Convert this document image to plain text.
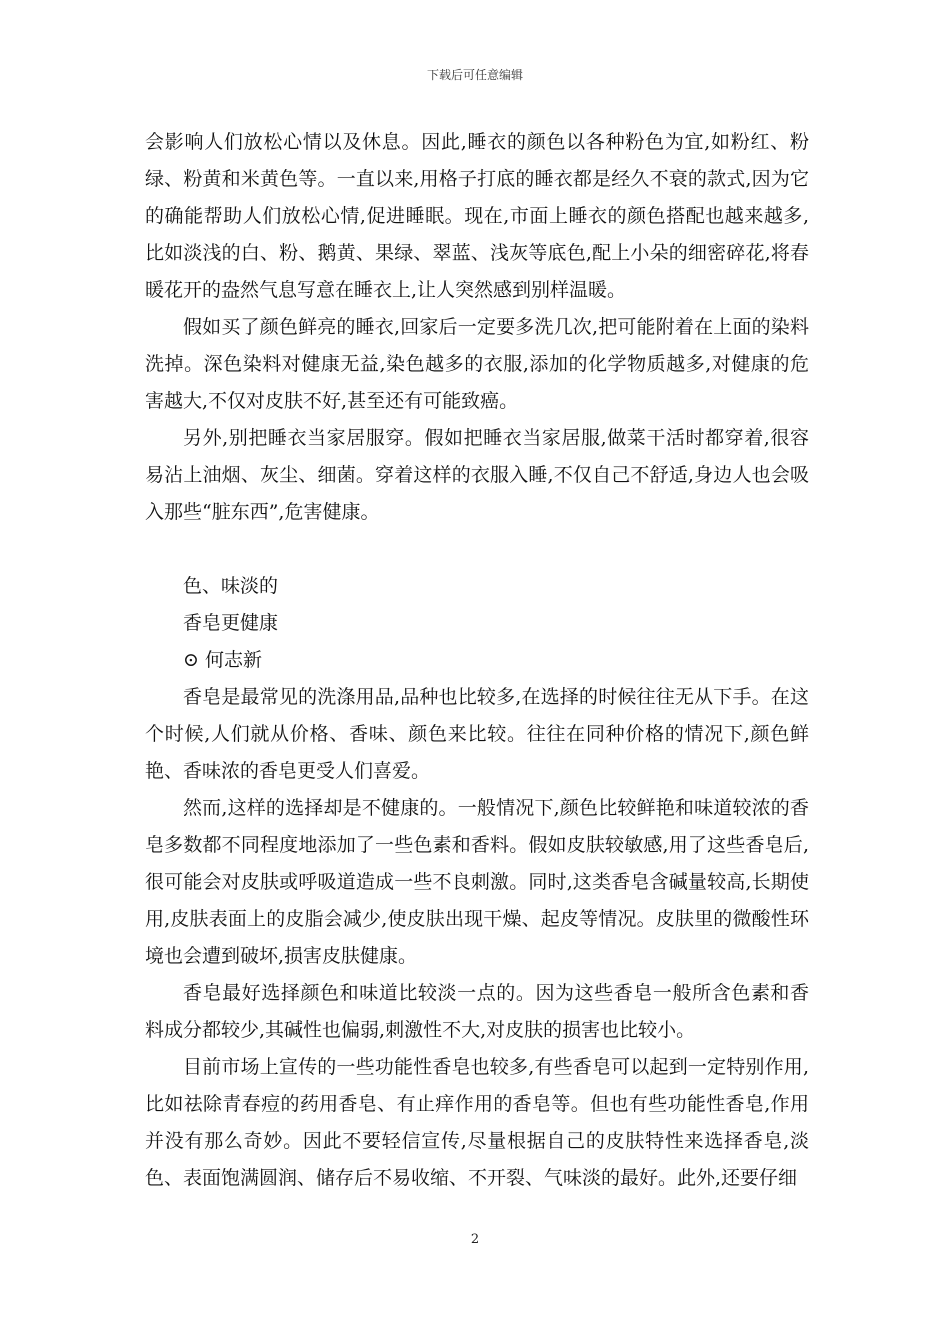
下载后可任意编辑

会影响人们放松心情以及休息。因此,睡衣的颜色以各种粉色为宜,如粉红、粉绿、粉黄和米黄色等。一直以来,用格子打底的睡衣都是经久不衰的款式,因为它的确能帮助人们放松心情,促进睡眠。现在,市面上睡衣的颜色搭配也越来越多,比如淡浅的白、粉、鹅黄、果绿、翠蓝、浅灰等底色,配上小朵的细密碎花,将春暖花开的盎然气息写意在睡衣上,让人突然感到别样温暖。

假如买了颜色鲜亮的睡衣,回家后一定要多洗几次,把可能附着在上面的染料洗掉。深色染料对健康无益,染色越多的衣服,添加的化学物质越多,对健康的危害越大,不仅对皮肤不好,甚至还有可能致癌。

另外,别把睡衣当家居服穿。假如把睡衣当家居服,做菜干活时都穿着,很容易沾上油烟、灰尘、细菌。穿着这样的衣服入睡,不仅自己不舒适,身边人也会吸入那些“脏东西”,危害健康。

色、味淡的

香皂更健康

⊙ 何志新

香皂是最常见的洗涤用品,品种也比较多,在选择的时候往往无从下手。在这个时候,人们就从价格、香味、颜色来比较。往往在同种价格的情况下,颜色鲜艳、香味浓的香皂更受人们喜爱。

然而,这样的选择却是不健康的。一般情况下,颜色比较鲜艳和味道较浓的香皂多数都不同程度地添加了一些色素和香料。假如皮肤较敏感,用了这些香皂后,很可能会对皮肤或呼吸道造成一些不良刺激。同时,这类香皂含碱量较高,长期使用,皮肤表面上的皮脂会减少,使皮肤出现干燥、起皮等情况。皮肤里的微酸性环境也会遭到破坏,损害皮肤健康。

香皂最好选择颜色和味道比较淡一点的。因为这些香皂一般所含色素和香料成分都较少,其碱性也偏弱,刺激性不大,对皮肤的损害也比较小。

目前市场上宣传的一些功能性香皂也较多,有些香皂可以起到一定特别作用,比如祛除青春痘的药用香皂、有止痒作用的香皂等。但也有些功能性香皂,作用并没有那么奇妙。因此不要轻信宣传,尽量根据自己的皮肤特性来选择香皂,淡色、表面饱满圆润、储存后不易收缩、不开裂、气味淡的最好。此外,还要仔细

2
